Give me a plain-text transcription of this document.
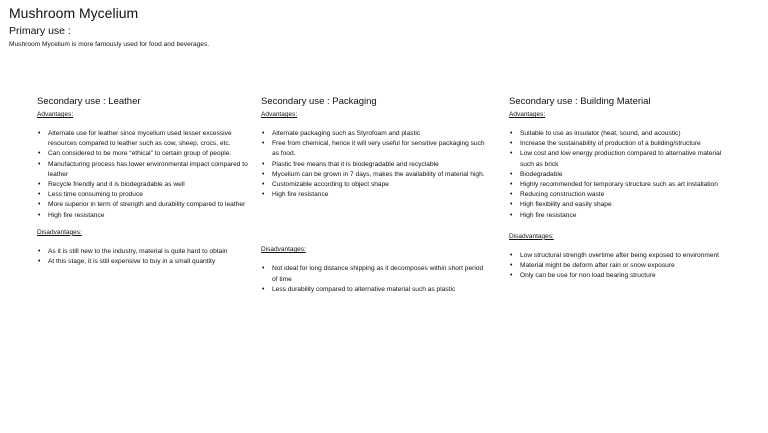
Mushroom Mycelium
Primary use :
Mushroom Mycelium is more famously used for food and beverages.
Secondary use : Leather
Advantages:
• Alternate use for leather since mycelium used lesser excessive resources compared to leather such as cow, sheep, crocs, etc.
• Can considered to be more “ethical” to certain group of people.
• Manufacturing process has lower environmental impact compared to leather
• Recycle friendly and it is biodegradable as well
• Less time consuming to produce
• More superior in term of strength and durability compared to leather
• High fire resistance
Disadvantages:
• As it is still new to the industry, material is quite hard to obtain
• At this stage, it is still expensive to buy in a small quantity
Secondary use : Packaging
Advantages:
• Alternate packaging such as Styrofoam and plastic
• Free from chemical, hence it will very useful for sensitive packaging such as food.
• Plastic free means that it is biodegradable and recyclable
• Mycelium can be grown in 7 days, makes the availability of material high.
• Customizable according to object shape
• High fire resistance
Disadvantages:
• Not ideal for long distance shipping as it decomposes within short period of time
• Less durability compared to alternative material such as plastic
Secondary use : Building Material
Advantages:
• Suitable to use as insulator (heat, sound, and acoustic)
• Increase the sustainability of production of a building/structure
• Low cost and low energy production compared to alternative material such as brick
• Biodegradable
• Highly recommended for temporary structure such as art installation
• Reducing construction waste
• High flexibility and easily shape
• High fire resistance
Disadvantages:
• Low structural strength overtime after being exposed to environment
• Material might be deform after rain or snow exposure
• Only can be use for non load bearing structure
